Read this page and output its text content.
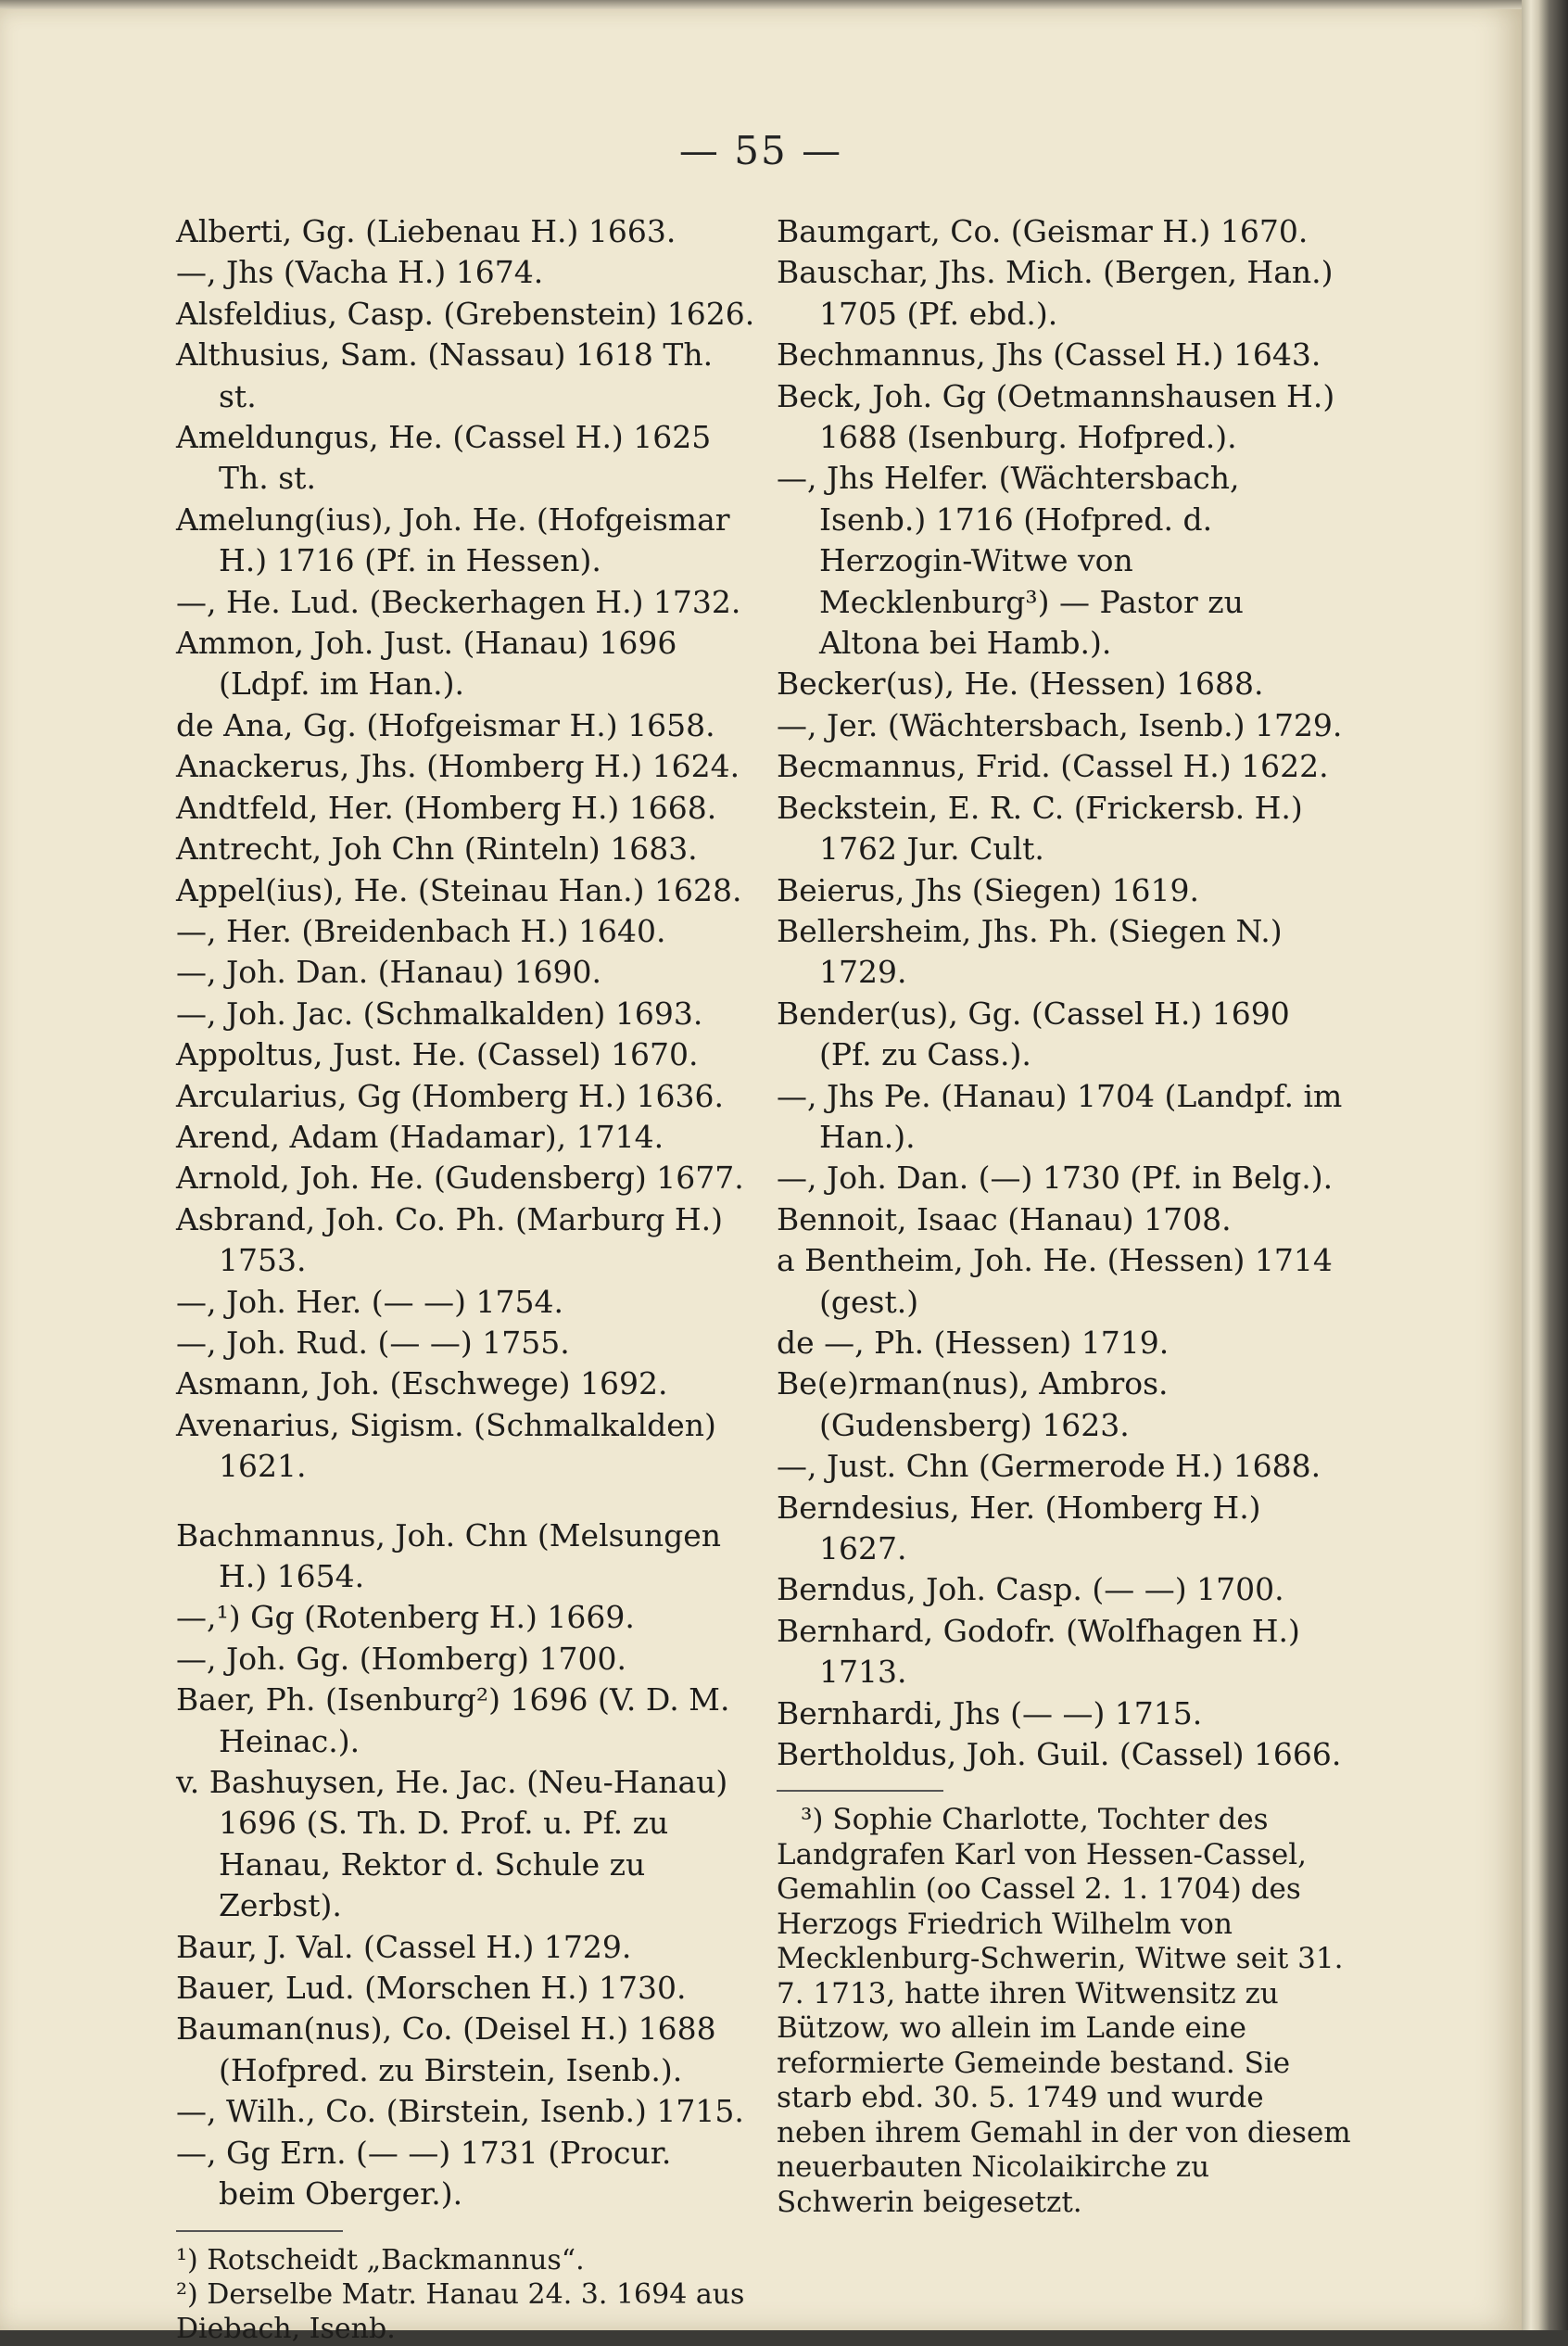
— 55 —
Alberti, Gg. (Liebenau H.) 1663.
—, Jhs (Vacha H.) 1674.
Alsfeldius, Casp. (Grebenstein) 1626.
Althusius, Sam. (Nassau) 1618 Th. st.
Ameldungus, He. (Cassel H.) 1625 Th. st.
Amelung(ius), Joh. He. (Hofgeismar H.) 1716 (Pf. in Hessen).
—, He. Lud. (Beckerhagen H.) 1732.
Ammon, Joh. Just. (Hanau) 1696 (Ldpf. im Han.).
de Ana, Gg. (Hofgeismar H.) 1658.
Anackerus, Jhs. (Homberg H.) 1624.
Andtfeld, Her. (Homberg H.) 1668.
Antrecht, Joh Chn (Rinteln) 1683.
Appel(ius), He. (Steinau Han.) 1628.
—, Her. (Breidenbach H.) 1640.
—, Joh. Dan. (Hanau) 1690.
—, Joh. Jac. (Schmalkalden) 1693.
Appoltus, Just. He. (Cassel) 1670.
Arcularius, Gg (Homberg H.) 1636.
Arend, Adam (Hadamar), 1714.
Arnold, Joh. He. (Gudensberg) 1677.
Asbrand, Joh. Co. Ph. (Marburg H.) 1753.
—, Joh. Her. (— —) 1754.
—, Joh. Rud. (— —) 1755.
Asmann, Joh. (Eschwege) 1692.
Avenarius, Sigism. (Schmalkalden) 1621.
Bachmannus, Joh. Chn (Melsungen H.) 1654.
—,¹) Gg (Rotenberg H.) 1669.
—, Joh. Gg. (Homberg) 1700.
Baer, Ph. (Isenburg²) 1696 (V. D. M. Heinac.).
v. Bashuysen, He. Jac. (Neu-Hanau) 1696 (S. Th. D. Prof. u. Pf. zu Hanau, Rektor d. Schule zu Zerbst).
Baur, J. Val. (Cassel H.) 1729.
Bauer, Lud. (Morschen H.) 1730.
Bauman(nus), Co. (Deisel H.) 1688 (Hofpred. zu Birstein, Isenb.).
—, Wilh., Co. (Birstein, Isenb.) 1715.
—, Gg Ern. (— —) 1731 (Procur. beim Oberger.).
¹) Rotscheidt „Backmannus“.
²) Derselbe Matr. Hanau 24. 3. 1694 aus Diebach, Isenb.
Baumgart, Co. (Geismar H.) 1670.
Bauschar, Jhs. Mich. (Bergen, Han.) 1705 (Pf. ebd.).
Bechmannus, Jhs (Cassel H.) 1643.
Beck, Joh. Gg (Oetmannshausen H.) 1688 (Isenburg. Hofpred.).
—, Jhs Helfer. (Wächtersbach, Isenb.) 1716 (Hofpred. d. Herzogin-Witwe von Mecklenburg³) — Pastor zu Altona bei Hamb.).
Becker(us), He. (Hessen) 1688.
—, Jer. (Wächtersbach, Isenb.) 1729.
Becmannus, Frid. (Cassel H.) 1622.
Beckstein, E. R. C. (Frickersb. H.) 1762 Jur. Cult.
Beierus, Jhs (Siegen) 1619.
Bellersheim, Jhs. Ph. (Siegen N.) 1729.
Bender(us), Gg. (Cassel H.) 1690 (Pf. zu Cass.).
—, Jhs Pe. (Hanau) 1704 (Landpf. im Han.).
—, Joh. Dan. (—) 1730 (Pf. in Belg.).
Bennoit, Isaac (Hanau) 1708.
a Bentheim, Joh. He. (Hessen) 1714 (gest.)
de —, Ph. (Hessen) 1719.
Be(e)rman(nus), Ambros. (Gudensberg) 1623.
—, Just. Chn (Germerode H.) 1688.
Berndesius, Her. (Homberg H.) 1627.
Berndus, Joh. Casp. (— —) 1700.
Bernhard, Godofr. (Wolfhagen H.) 1713.
Bernhardi, Jhs (— —) 1715.
Bertholdus, Joh. Guil. (Cassel) 1666.
³) Sophie Charlotte, Tochter des Landgrafen Karl von Hessen-Cassel, Gemahlin (oo Cassel 2. 1. 1704) des Herzogs Friedrich Wilhelm von Mecklenburg-Schwerin, Witwe seit 31. 7. 1713, hatte ihren Witwensitz zu Bützow, wo allein im Lande eine reformierte Gemeinde bestand. Sie starb ebd. 30. 5. 1749 und wurde neben ihrem Gemahl in der von diesem neuerbauten Nicolaikirche zu Schwerin beigesetzt.
